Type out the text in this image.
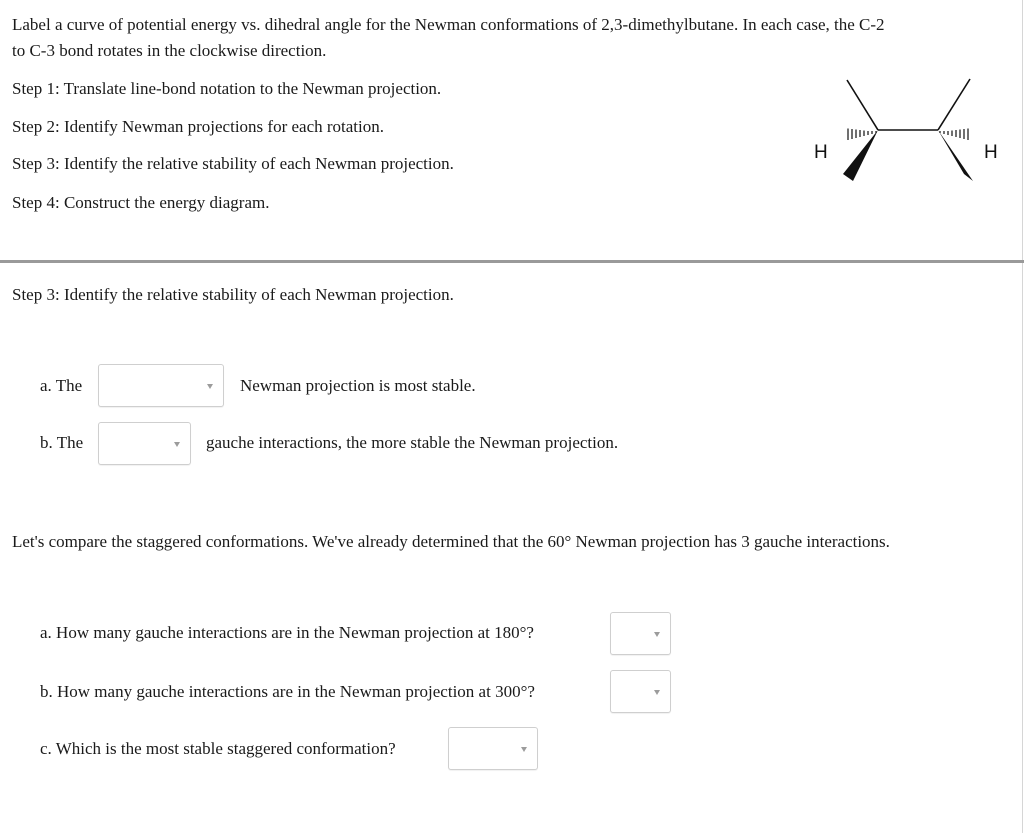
Label a curve of potential energy vs. dihedral angle for the Newman conformations of 2,3-dimethylbutane. In each case, the C-2
to C-3 bond rotates in the clockwise direction.
Step 1: Translate line-bond notation to the Newman projection.
Step 2: Identify Newman projections for each rotation.
Step 3: Identify the relative stability of each Newman projection.
Step 4: Construct the energy diagram.
H	H
Step 3: Identify the relative stability of each Newman projection.
a. The	Newman projection is most stable.
b. The	gauche interactions, the more stable the Newman projection.
Let's compare the staggered conformations. We've already determined that the 60° Newman projection has 3 gauche interactions.
a. How many gauche interactions are in the Newman projection at 180°?
b. How many gauche interactions are in the Newman projection at 300°?
c. Which is the most stable staggered conformation?
